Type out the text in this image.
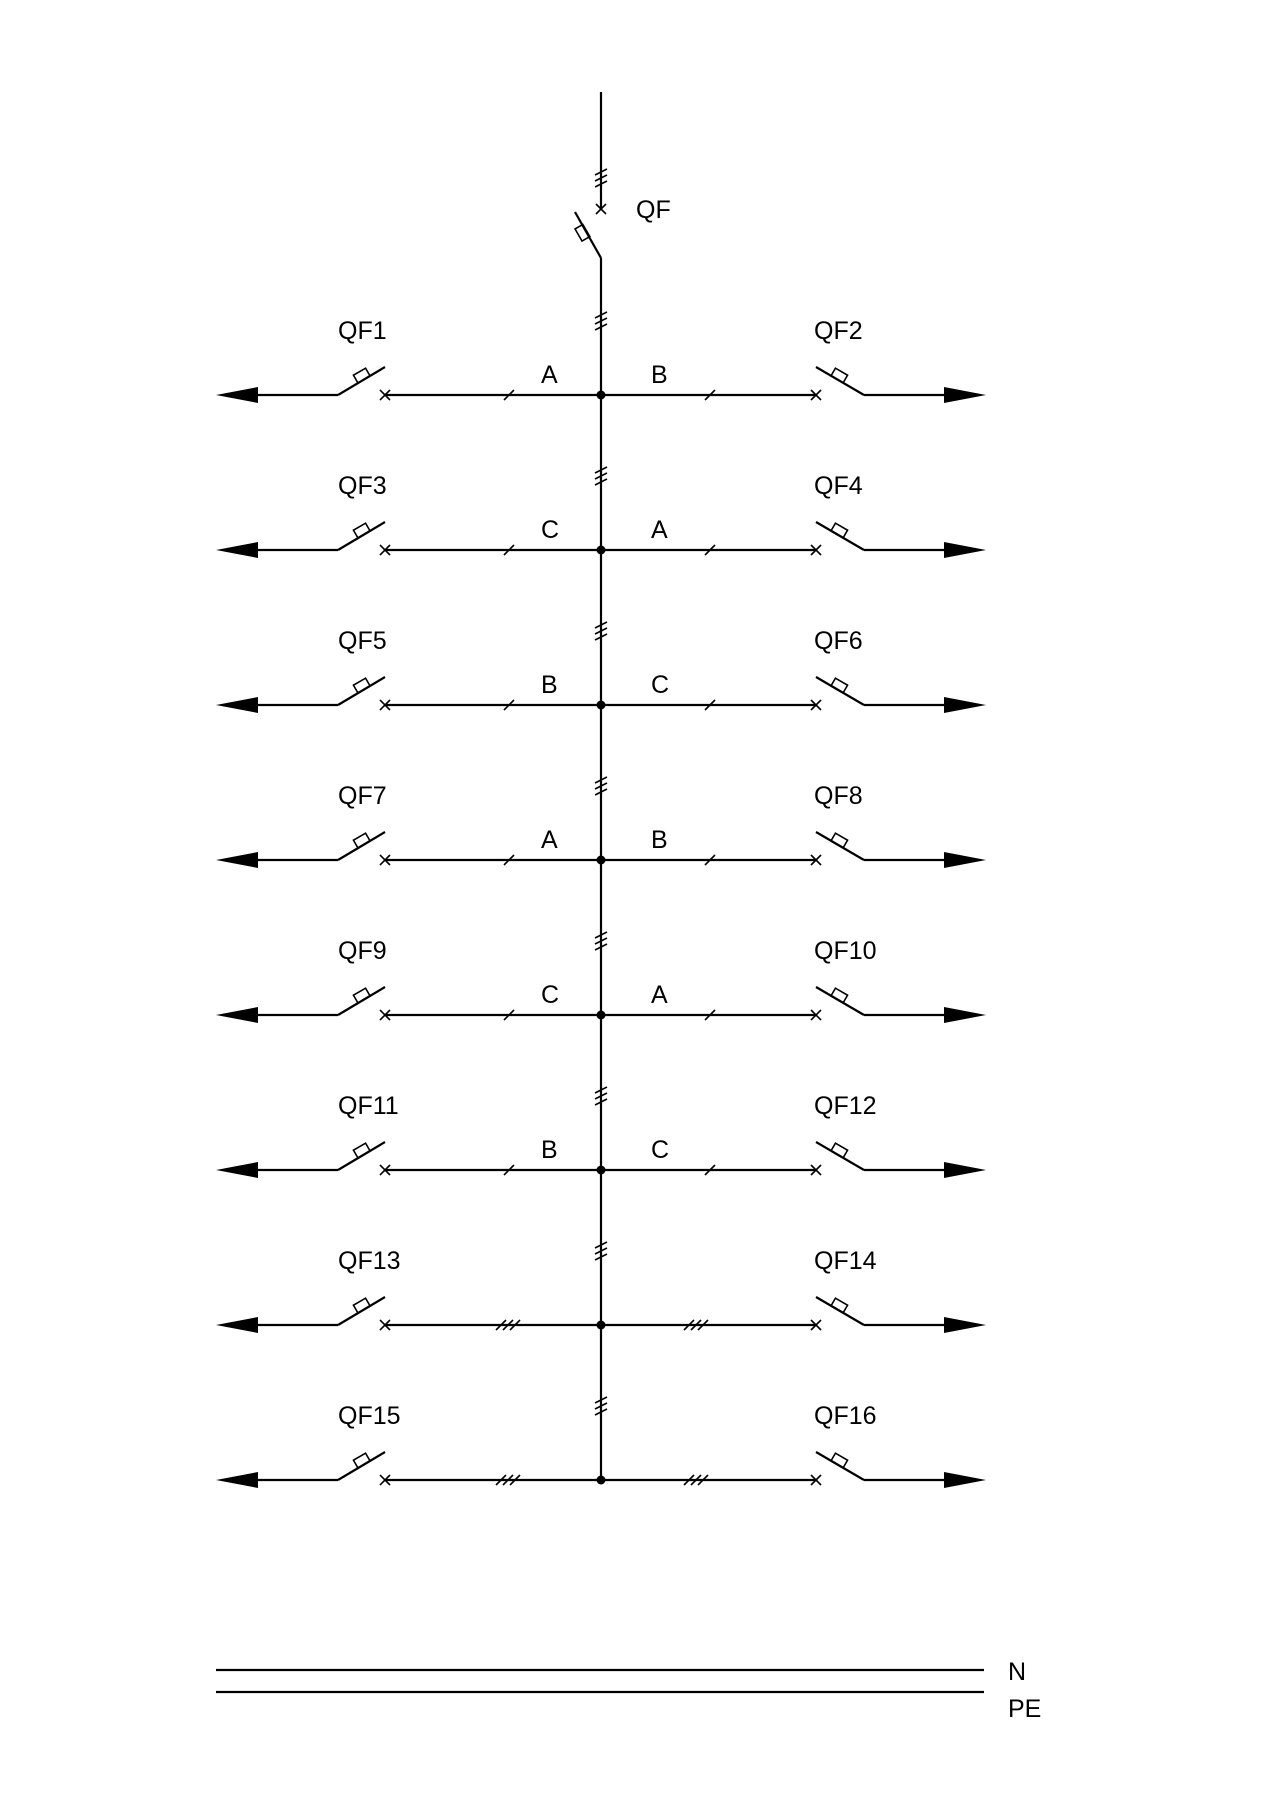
QF
QF1
A
QF2
B
QF3
C
QF4
A
QF5
B
QF6
C
QF7
A
QF8
B
QF9
C
QF10
A
QF11
B
QF12
C
QF13	QF14
QF15	QF16
N
PE
